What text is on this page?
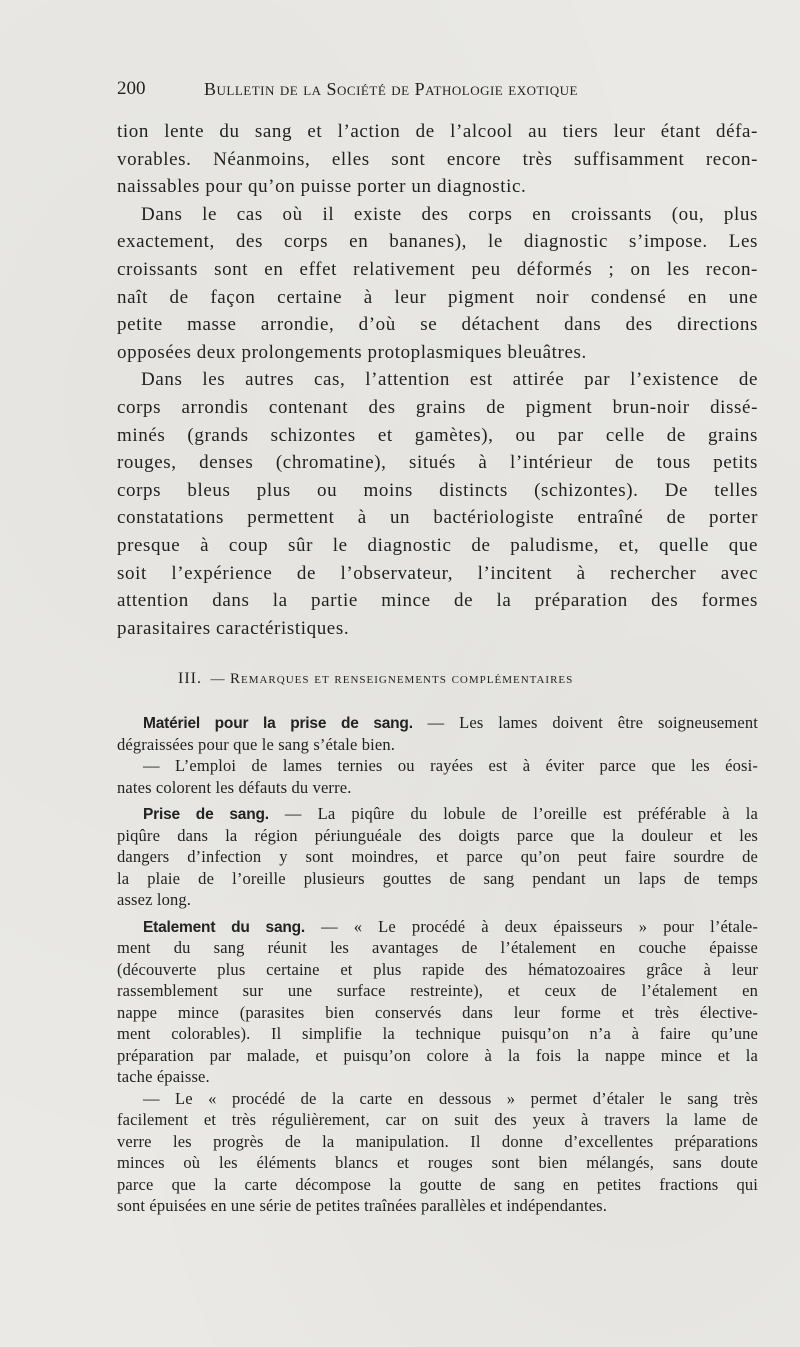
200	Bulletin de la Société de Pathologie exotique
tion lente du sang et l’action de l’alcool au tiers leur étant défa-
vorables. Néanmoins, elles sont encore très suffisamment recon-
naissables pour qu’on puisse porter un diagnostic.
Dans le cas où il existe des corps en croissants (ou, plus
exactement, des corps en bananes), le diagnostic s’impose. Les
croissants sont en effet relativement peu déformés ; on les recon-
naît de façon certaine à leur pigment noir condensé en une
petite masse arrondie, d’où se détachent dans des directions
opposées deux prolongements protoplasmiques bleuâtres.
Dans les autres cas, l’attention est attirée par l’existence de
corps arrondis contenant des grains de pigment brun-noir dissé-
minés (grands schizontes et gamètes), ou par celle de grains
rouges, denses (chromatine), situés à l’intérieur de tous petits
corps bleus plus ou moins distincts (schizontes). De telles
constatations permettent à un bactériologiste entraîné de porter
presque à coup sûr le diagnostic de paludisme, et, quelle que
soit l’expérience de l’observateur, l’incitent à rechercher avec
attention dans la partie mince de la préparation des formes
parasitaires caractéristiques.
III. — Remarques et renseignements complémentaires
Matériel pour la prise de sang. — Les lames doivent être soigneusement
dégraissées pour que le sang s’étale bien.
— L’emploi de lames ternies ou rayées est à éviter parce que les éosi-
nates colorent les défauts du verre.
Prise de sang. — La piqûre du lobule de l’oreille est préférable à la
piqûre dans la région périunguéale des doigts parce que la douleur et les
dangers d’infection y sont moindres, et parce qu’on peut faire sourdre de
la plaie de l’oreille plusieurs gouttes de sang pendant un laps de temps
assez long.
Etalement du sang. — « Le procédé à deux épaisseurs » pour l’étale-
ment du sang réunit les avantages de l’étalement en couche épaisse
(découverte plus certaine et plus rapide des hématozoaires grâce à leur
rassemblement sur une surface restreinte), et ceux de l’étalement en
nappe mince (parasites bien conservés dans leur forme et très élective-
ment colorables). Il simplifie la technique puisqu’on n’a à faire qu’une
préparation par malade, et puisqu’on colore à la fois la nappe mince et la
tache épaisse.
— Le « procédé de la carte en dessous » permet d’étaler le sang très
facilement et très régulièrement, car on suit des yeux à travers la lame de
verre les progrès de la manipulation. Il donne d’excellentes préparations
minces où les éléments blancs et rouges sont bien mélangés, sans doute
parce que la carte décompose la goutte de sang en petites fractions qui
sont épuisées en une série de petites traînées parallèles et indépendantes.
